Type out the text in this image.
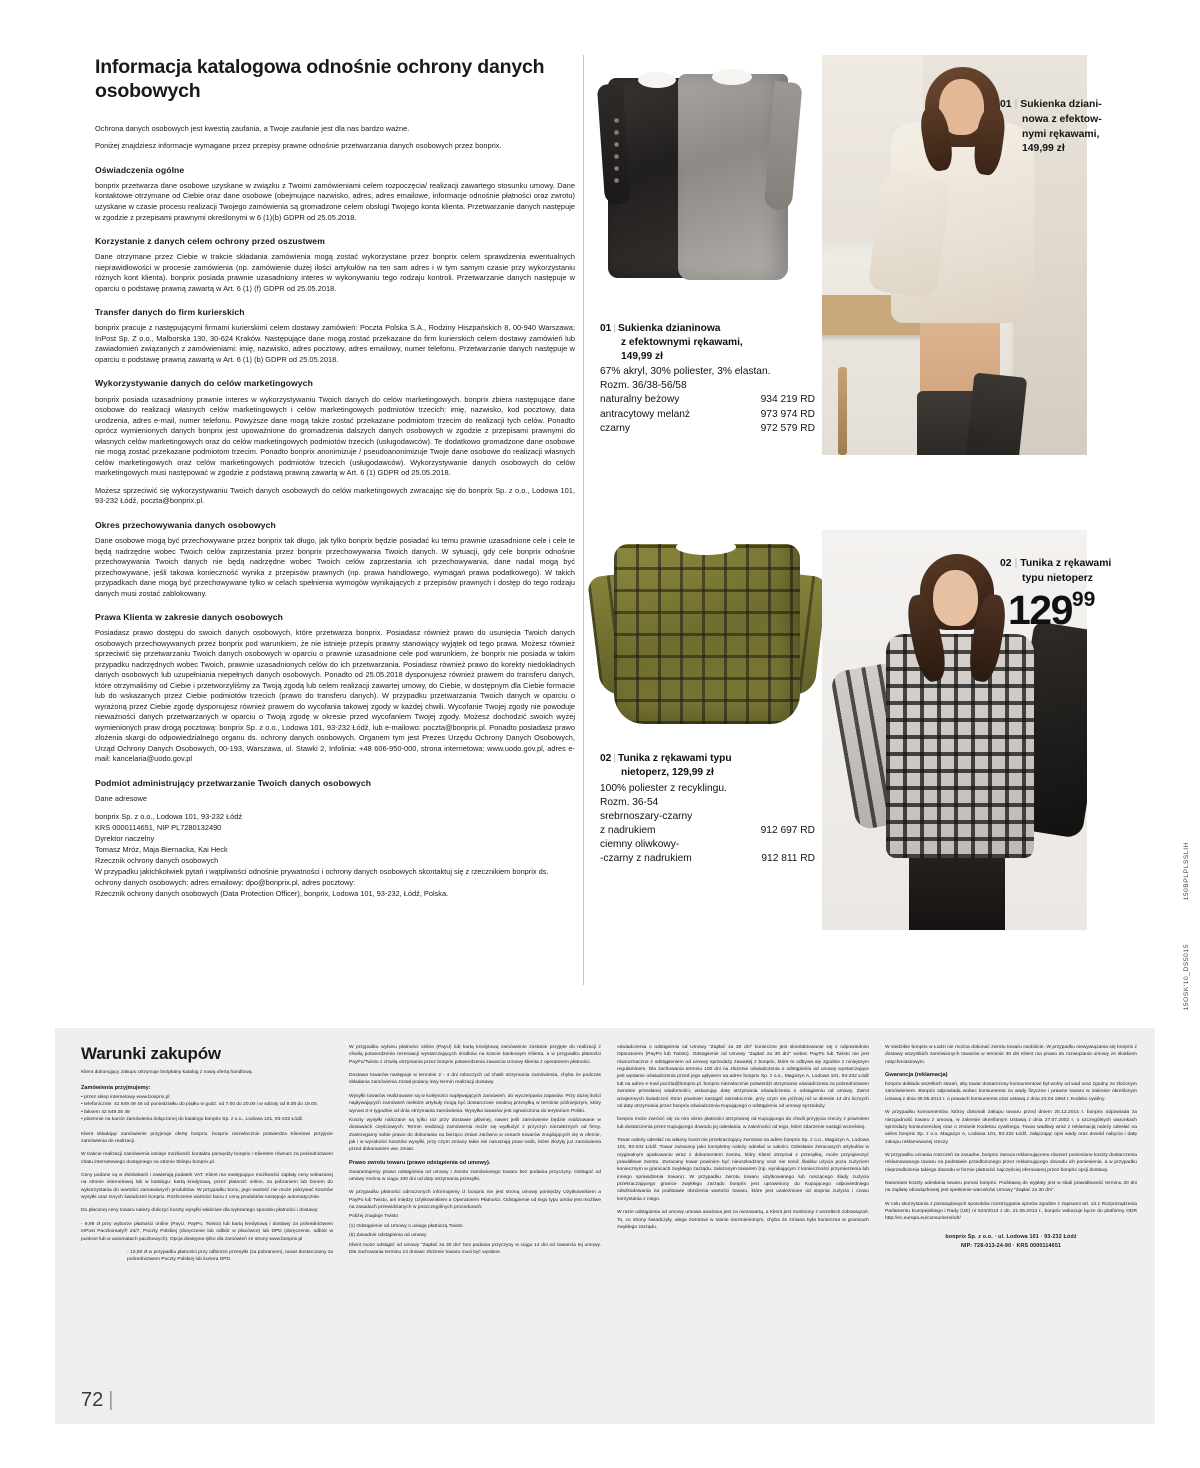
Informacja katalogowa odnośnie ochrony danych osobowych

Ochrona danych osobowych jest kwestią zaufania, a Twoje zaufanie jest dla nas bardzo ważne.

Poniżej znajdziesz informacje wymagane przez przepisy prawne odnośnie przetwarzania danych osobowych przez bonprix.

Oświadczenia ogólne

bonprix przetwarza dane osobowe uzyskane w związku z Twoimi zamówieniami celem rozpoczęcia/ realizacji zawartego stosunku umowy. Dane kontaktowe otrzymane od Ciebie oraz dane osobowe (obejmujące nazwisko, adres, adres emailowe, informacje odnośnie płatności oraz zwrotu) uzyskane w czasie procesu realizacji Twojego zamówienia są gromadzone celem obsługi Twojego konta klienta. Przetwarzanie danych następuje w zgodzie z przepisami prawnymi określonymi w 6 (1)(b) GDPR od 25.05.2018.

Korzystanie z danych celem ochrony przed oszustwem

Dane otrzymane przez Ciebie w trakcie składania zamówienia mogą zostać wykorzystane przez bonprix celem sprawdzenia ewentualnych nieprawidłowości w procesie zamówienia (np. zamówienie dużej ilości artykułów na ten sam adres i w tym samym czasie przy wykorzystaniu różnych kont klienta). bonprix posiada prawnie uzasadniony interes w wykonywaniu tego rodzaju kontroli. Przetwarzanie danych następuje w oparciu o podstawę prawną zawartą w Art. 6 (1) (f) GDPR od 25.05.2018.

Transfer danych do firm kurierskich

bonprix pracuje z następującymi firmami kurierskimi celem dostawy zamówień: Poczta Polska S.A., Rodziny Hiszpańskich 8, 00-940 Warszawa; InPost Sp. Z o.o., Malborska 130, 30-624 Kraków. Następujące dane mogą zostać przekazane do firm kurierskich celem dostawy zamówień lub zawiadomień związanych z zamówieniami: imię, nazwisko, adres pocztowy, adres emailowy, numer telefonu. Przetwarzanie danych następuje w oparciu o podstawę prawną zawartą w Art. 6 (1) (b) GDPR od 25.05.2018.

Wykorzystywanie danych do celów marketingowych

bonprix posiada uzasadniony prawnie interes w wykorzystywaniu Twoich danych do celów marketingowych. bonprix zbiera następujące dane osobowe do realizacji własnych celów marketingowych i celów marketingowych podmiotów trzecich: imię, nazwisko, kod pocztowy, data urodzenia, adres e-mail, numer telefonu. Powyższe dane mogą także zostać przekazane podmiotom trzecim do realizacji tych celów. Ponadto oprócz wymienionych danych bonprix jest upoważnione do gromadzenia dalszych danych osobowych w zgodzie z przepisami prawnymi do własnych celów marketingowych oraz do celów marketingowych podmiotów trzecich (usługodawców). Te dodatkowo gromadzone dane osobowe nie mogą zostać przekazane podmiotom trzecim. Ponadto bonprix anonimizuje / pseudoanonimizuje Twoje dane osobowe do realizacji własnych celów marketingowych oraz celów marketingowych podmiotów trzecich (usługodawców). Wykorzystywanie danych osobowych do celów marketingowych musi następować w zgodzie z podstawą prawną zawartą w Art. 6 (1) GDPR od 25.05.2018.

Możesz sprzeciwić się wykorzystywaniu Twoich danych osobowych do celów marketingowych zwracając się do bonprix Sp. z o.o., Lodowa 101, 93-232 Łódź, poczta@bonprix.pl.

Okres przechowywania danych osobowych

Dane osobowe mogą być przechowywane przez bonprix tak długo, jak tylko bonprix będzie posiadać ku temu prawnie uzasadnione cele i cele te będą nadrzędne wobec Twoich celów zaprzestania przez bonprix przechowywania Twoich danych. W sytuacji, gdy cele bonprix odnośnie przechowywania Twoich danych nie będą nadrzędne wobec Twoich celów zaprzestania ich przechowywania, dane nadal mogą być przechowywane, jeśli takowa konieczność wynika z przepisów prawnych (np. prawa handlowego, wymagań prawa podatkowego). W takich przypadkach dane mogą być przechowywane tylko w celach spełnienia wymogów wynikających z przepisów prawnych i dostęp do tego rodzaju danych musi zostać zablokowany.

Prawa Klienta w zakresie danych osobowych

Posiadasz prawo dostępu do swoich danych osobowych, które przetwarza bonprix. Posiadasz również prawo do usunięcia Twoich danych osobowych przechowywanych przez bonprix pod warunkiem, że nie istnieje przepis prawny stanowiący wyjątek od tego prawa. Możesz również sprzeciwić się przetwarzaniu Twoich danych osobowych w oparciu o prawnie uzasadnione cele pod warunkiem, że bonprix nie posiada w takim przypadku nadrzędnych wobec Twoich, prawnie uzasadnionych celów do ich przetwarzania. Posiadasz również prawo do korekty niedokładnych danych osobowych lub uzupełniania niepełnych danych osobowych. Ponadto od 25.05.2018 dysponujesz również prawem do transferu danych, które otrzymaliśmy od Ciebie i przetworzyliśmy za Twoją zgodą lub celem realizacji zawartej umowy, do Ciebie, w dostępnym dla Ciebie formacie lub do wskazanych przez Ciebie podmiotów trzecich (prawo do transferu danych). W przypadku przetwarzania Twoich danych w oparciu o wyrażoną przez Ciebie zgodę dysponujesz również prawem do wycofania takowej zgody w każdej chwili. Wycofanie Twojej zgody nie powoduje nieważności danych przetwarzanych w oparciu o Twoją zgodę w okresie przed wycofaniem Twojej zgody. Możesz dochodzić swoich wyżej wymienionych praw drogą pocztową: bonprix Sp. z o.o., Lodowa 101, 93-232 Łódź, lub e-mailowo: poczta@bonprix.pl. Ponadto posiadasz prawo złożenia skargi do odpowiedzialnego organu ds. ochrony danych osobowych. Organem tym jest Prezes Urzędu Ochrony Danych Osobowych, Urząd Ochrony Danych Osobowych, 00-193, Warszawa, ul. Stawki 2, Infolinia: +48 606-950-000, strona internetowa: www.uodo.gov.pl, adres e-mail: kancelaria@uodo.gov.pl

Podmiot administrujący przetwarzanie Twoich danych osobowych

Dane adresowe

bonprix Sp. z o.o., Lodowa 101, 93-232 Łódź
KRS 0000114651, NIP PL7280132490
Dyrektor naczelny
Tomasz Mróz, Maja Biernacka, Kai Heck
Rzecznik ochrony danych osobowych
W przypadku jakichkolwiek pytań i wątpliwości odnośnie prywatności i ochrony danych osobowych skontaktuj się z rzecznikiem bonprix ds. ochrony danych osobowych: adres emailowy: dpo@bonprix.pl, adres pocztowy:
Rzecznik ochrony danych osobowych (Data Protection Officer), bonprix, Lodowa 101, 93-232, Łódź, Polska.
01 | Sukienka dzianinowa
z efektownymi rękawami,
149,99 zł
67% akryl, 30% poliester, 3% elastan.
Rozm. 36/38-56/58
naturalny beżowy	934 219 RD
antracytowy melanż	973 974 RD
czarny	972 579 RD
01 | Sukienka dziani-
nowa z efektow-
nymi rękawami,
149,99 zł
02 | Tunika z rękawami typu
nietoperz, 129,99 zł
100% poliester z recyklingu.
Rozm. 36-54
srebrnoszary-czarny
z nadrukiem	912 697 RD
ciemny oliwkowy-
-czarny z nadrukiem	912 811 RD
02 | Tunika z rękawami
typu nietoperz
12999
150BPLPLSSLIH
15OSK'10_DS5015
Warunki zakupów

Klient dokonujący zakupu otrzymuje bezpłatny katalog z nową ofertą handlową.

Zamówienia przyjmujemy:
• przez sklep internetowy www.bonprix.pl
• telefonicznie: 42 649 49 49 od poniedziałku do piątku w godz. od 7.00 do 20.00 i w soboty od 8.00 do 19.00.
• faksem 42 649 28 49
• pisemnie na karcie zamówienia dołączonej do katalogu bonprix Sp. z o.o., Lodowa 101, 93-232 Łódź.

Klient składając zamówienie przyjmuje ofertę bonprix. bonprix niezwłocznie potwierdza Klientowi przyjęcie zamówienia do realizacji.

W trakcie realizacji zamówienia istnieje możliwość kontaktu pomiędzy bonprix i Klientem również za pośrednictwem chatu internetowego dostępnego na stronie Sklepu bonprix.pl.

Ceny podane są w złotówkach i zawierają podatek VAT. Klient ma następujące możliwości zapłaty ceny wskazanej na stronie internetowej lub w katalogu: kartą kredytową, przez płatność online, za pobraniem lub bonem do wykorzystania do wartości zamawianych produktów. W przypadku bonu, jego wartość nie może pokrywać kosztów wysyłki oraz innych świadczeń bonprix. Rozliczenie wartości bonu z ceną produktów następuje automatycznie.

Do płaconej ceny towaru należy doliczyć koszty wysyłki właściwe dla wybranego sposobu płatności i dostawy:

- 9,99 zł przy wyborze płatności online (PayU, PayPo, Twisto) lub kartą kredytową i dostawy za pośrednictwem InPost Paczkomaty® 24/7, Poczty Polskiej (doręczenie lub odbiór w placówce) lub DPD (doręczenie, odbiór w punkcie lub w automatach paczkowych). Opcja dostępna tylko dla zamówień ze strony www.bonprix.pl

- 13,50 zł w przypadku płatności przy odbiorze przesyłki (za pobraniem), towar dostarczamy za pośrednictwem Poczty Polskiej lub kuriera DPD.

W przypadku wyboru płatności online (PayU) lub kartą kredytową zamówienie zostanie przyjęte do realizacji z chwilą potwierdzenia rezerwacji wystarczających środków na koncie bankowym Klienta, a w przypadku płatności PayPo/Twisto z chwilą otrzymania przez bonprix potwierdzenia zawarcia Umowy klienta z operatorem płatności.

Dostawa towarów następuje w terminie 2 - 4 dni roboczych od chwili otrzymania zamówienia, chyba że podczas składania zamówienia został podany inny termin realizacji dostawy.

Wysyłki towarów realizowane są w kolejności napływających zamówień, do wyczerpania zapasów. Przy dużej ilości napływających zamówień niektóre artykuły mogą być dostarczone osobną przesyłką w terminie późniejszym, który wynosi 3-4 tygodnie od dnia otrzymania zamówienia. Wysyłka towarów jest ograniczona do terytorium Polski.

Koszty wysyłki naliczane są tylko raz przy dostawie głównej, nawet jeśli zamówienie będzie realizowane w dostawach częściowych. Termin realizacji zamówienia może się wydłużyć z przyczyn niezależnych od firmy. Zastrzegamy sobie prawo do dokonania na bieżąco zmian zarówno w cenach towarów znajdujących się w ofercie, jak i w wysokości kosztów wysyłki, przy czym zmiany takie nie naruszają praw osób, które złożyły już zamówienia przed dokonaniem ww. zmian.

Prawo zwrotu towaru (prawo odstąpienia od umowy).

Gwarantujemy prawo odstąpienia od umowy i zwrotu zamówionego towaru bez podania przyczyny. Odstąpić od umowy można w ciągu 100 dni od daty otrzymania przesyłki.

W przypadku płatności odroczonych informujemy iż bonprix nie jest stroną umowy pomiędzy Użytkownikiem a PayPo lub Twisto, ani między Użytkownikiem a Operatorem Płatności. Odstąpienie od tego typu umów jest możliwe na zasadach przewidzianych w poszczególnych procedurach:

Poliżej znajduje Twisto

(1) Odstąpienie od Umowy o usługę płatniczą Twisto

(5) Zasadnie odstąpienia od umowy

Klient może odstąpić od umowy "Zapłać za 30 dni" bez podania przyczyny w ciągu 14 dni od zawarcia tej umowy. Dla zachowania terminu 14 dniowe złożenie towaru musi być wysłane.

oświadczenia o odstąpieniu od Umowy "Zapłać za 30 dni" konieczne jest skontaktowanie się z odpowiednim Operatorem (PayPo lub Twisto). Odstąpienie od Umowy "Zapłać za 30 dni" wobec PayPo lub Twisto nie jest równoznaczne z odstąpieniem od umowy sprzedaży zawartej z bonprix, które to odbywa się zgodnie z niniejszym regulaminem. Dla zachowania terminu 100 dni na złożenie oświadczenia o odstąpieniu od umowy wystarczające jest wysłanie oświadczenia przed jego upływem na adres bonprix Sp. z o.o., Magazyn A, Lodowa 101, 93-232 Łódź lub na adres e-mail poczta@bonprix.pl. bonprix niezwłocznie potwierdzi otrzymanie oświadczenia za pośrednictwem zwrotnie przesłanej wiadomości, wskazując datę otrzymania oświadczenia o odstąpieniu od umowy. Zwrot wzajemnych świadczeń Stron powinien nastąpić niezwłocznie, przy czym nie później niż w okresie 14 dni licznych od daty otrzymania przez bonprix oświadczenia Kupującego o odstąpieniu od umowy sprzedaży.

bonprix może zwrócić się za nim okres płatności otrzymanej od Kupującego do chwili przyjęcia rzeczy z powrotem lub dostarczenia przez Kupującego dowodu jej odesłania, w zależności od tego, które zdarzenie nastąpi wcześniej.

Towar należy odesłać na własny koszt nie przekraczający zwrotowi na adres bonprix Sp. z o.o., Magazyn A, Lodowa 101, 93-232 Łódź. Towar zwracany jako kompletny należy odesłać w całości. Odesłanie zwracanych artykułów w oryginalnym opakowaniu wraz z dokumentem zwrotu, który Klient otrzymał z przesyłką, może przyspieszyć prawidłowe zwrotu. Zwracany towar powinien być nieuszkodzony oraz nie nosić śladów użycia poza zużyciem koniecznym w granicach zwykłego zarządu, założonym towarem (np. wynikającym z konieczności przymierzenia lub innego sprawdzenia towaru). W przypadku zwrotu towaru użytkowanego lub noszącego ślady zużycia przekraczającego granice zwykłego zarządu bonprix jest uprawniony do Kupującego odpowiedniego odszkodowania na podstawie obniżenia wartości towaru, które jest uzależnione od stopnia zużycia i czasu korzystania z niego.

W razie odstąpienia od umowy umowa uważana jest za niezawartą, a Klient jest zwolniony z wszelkich zobowiązań. To, co strony świadczyły, ulega zwrotowi w stanie niezmienionym, chyba że zmiana była konieczna w granicach zwykłego zarządu.

W siedzibie bonprix w Łodzi nie można dokonać zwrotu towaru osobiście. W przypadku niewywiązania się bonprix z dostawy wszystkich zamówionych towarów w terminie 30 dni Klient ma prawo do rozwiązania umowy ze skutkiem natychmiastowym.

Gwarancja (reklamacja)

bonprix dokłada wszelkich starań, aby towar dostarczony konsumentowi był wolny od wad oraz zgodny ze złożonym zamówieniem. Bonprix odpowiada wobec konsumenta za wady fizyczne i prawne towaru w zakresie określonym Ustawą z dnia 30.05.2014 r. o prawach konsumenta oraz ustawą z dnia 23.04.1964 r. Kodeks cywilny.

W przypadku konsumentów, którzy dokonali zakupu towaru przed dniem 25.12.2014 r. bonprix odpowiada za niezgodność towaru z umową, w zakresie określonym Ustawą z dnia 27.07.2002 r. o szczególnych warunkach sprzedaży konsumenckiej oraz o zmianie Kodeksu cywilnego. Towar wadliwy wraz z reklamacją należy odesłać na adres bonprix Sp. z o.o. Magazyn A, Lodowa 101, 93-232 Łódź, załączając opis wady oraz dowód nabycia i datę zakupu reklamowanej rzeczy.

W przypadku uznania roszczeń za zasadne, bonprix zwraca reklamującemu również poniesione koszty dostarczenia reklamowanego towaru na podstawie przedłożonego przez reklamującego dowodu ich poniesienia, a w przypadku nieprzedłożenia takiego dowodu w formie płatności najczęściej oferowanej przez bonprix opcji dostawy.

Natomiast koszty odesłania towaru ponosi bonprix. Podstawą do wypłaty jest w skali prawidłowość terminu 30 dni na zapłatę obowiązkowej jest spełnienie warunków Umowy "Zapłać za 30 dni".

W celu skorzystania z pozasądowych sposobów rozstrzygania sporów zgodnie z zapisami art. 14.1 Rozporządzenia Parlamentu Europejskiego i Rady (UE) nr 524/2013 z dn. 21.05.2013 r., bonprix wskazuje łącze do platformy ODR http://ec.europa.eu/consumers/odr/

bonprix Sp. z o.o. · ul. Lodowa 101 · 93-232 Łódź
NIP: 728-013-24-90 · KRS 0000114651
72 |
